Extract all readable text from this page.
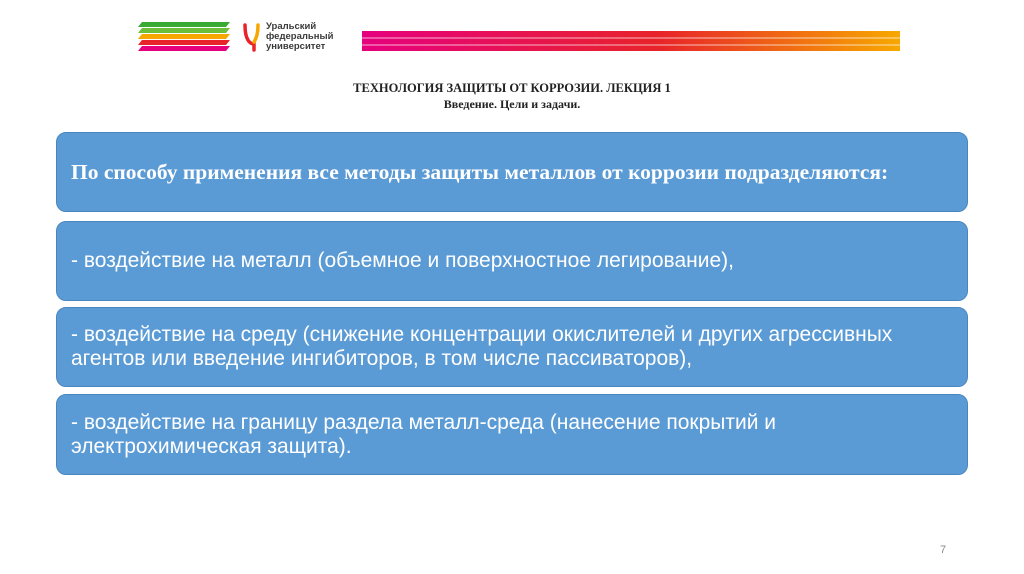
Уральский
федеральный
университет
ТЕХНОЛОГИЯ ЗАЩИТЫ ОТ КОРРОЗИИ. ЛЕКЦИЯ 1
Введение. Цели и задачи.
По способу применения все методы защиты металлов от коррозии подразделяются:
- воздействие на металл (объемное и поверхностное легирование),
- воздействие на среду (снижение концентрации окислителей и других агрессивных агентов или введение ингибиторов, в том числе пассиваторов),
- воздействие на границу раздела металл-среда (нанесение покрытий и электрохимическая защита).
7
